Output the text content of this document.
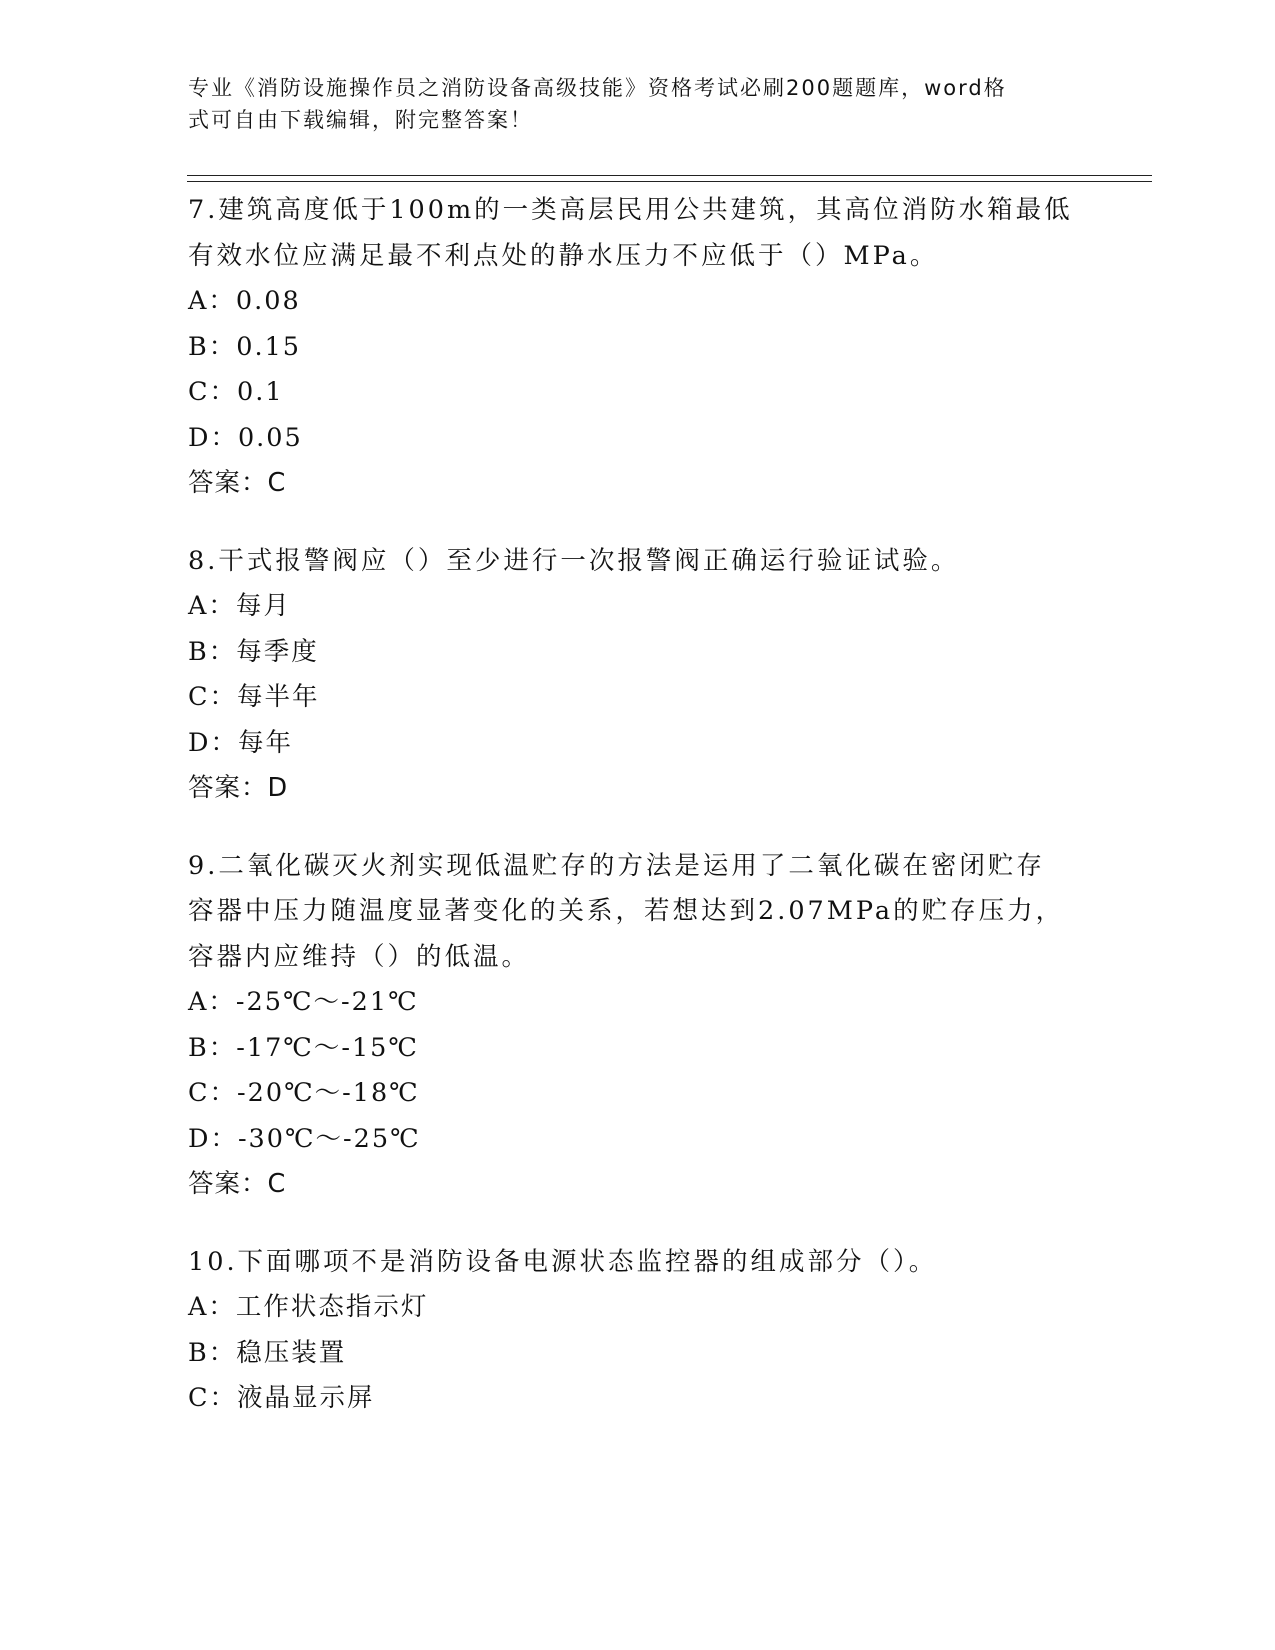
专业《消防设施操作员之消防设备高级技能》资格考试必刷200题题库，word格

式可自由下载编辑，附完整答案！

7.建筑高度低于100m的一类高层民用公共建筑，其高位消防水箱最低

有效水位应满足最不利点处的静水压力不应低于（）MPa。

A：0.08

B：0.15

C：0.1

D：0.05

答案：C

8.干式报警阀应（）至少进行一次报警阀正确运行验证试验。

A：每月

B：每季度

C：每半年

D：每年

答案：D

9.二氧化碳灭火剂实现低温贮存的方法是运用了二氧化碳在密闭贮存

容器中压力随温度显著变化的关系，若想达到2.07MPa的贮存压力，

容器内应维持（）的低温。

A：-25℃～-21℃

B：-17℃～-15℃

C：-20℃～-18℃

D：-30℃～-25℃

答案：C

10.下面哪项不是消防设备电源状态监控器的组成部分（）。

A：工作状态指示灯

B：稳压装置

C：液晶显示屏
